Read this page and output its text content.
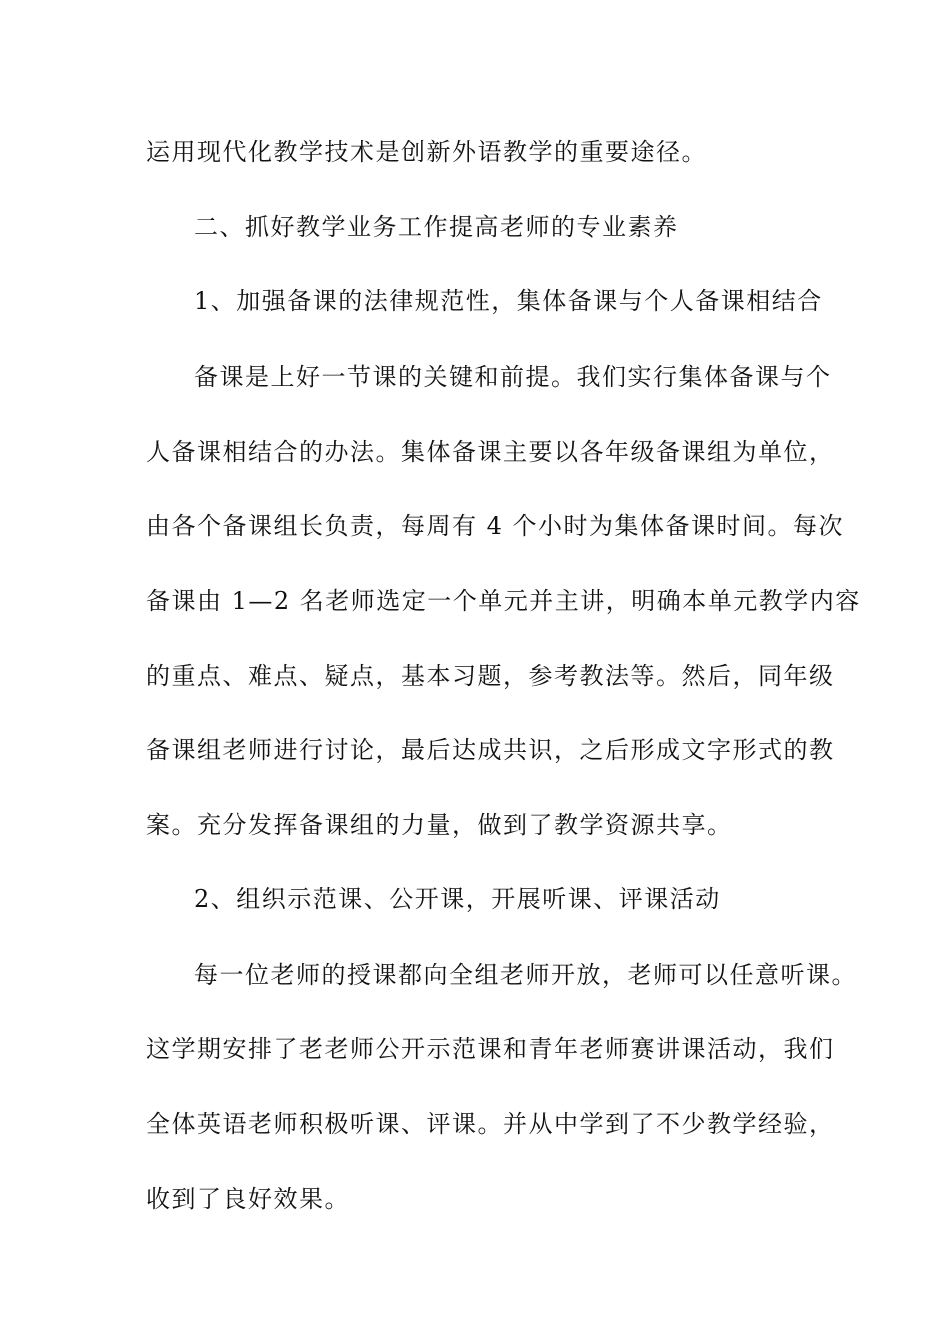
运用现代化教学技术是创新外语教学的重要途径。
二、抓好教学业务工作提高老师的专业素养
1、加强备课的法律规范性，集体备课与个人备课相结合
备课是上好一节课的关键和前提。我们实行集体备课与个
人备课相结合的办法。集体备课主要以各年级备课组为单位，
由各个备课组长负责，每周有 4 个小时为集体备课时间。每次
备课由 1—2 名老师选定一个单元并主讲，明确本单元教学内容
的重点、难点、疑点，基本习题，参考教法等。然后，同年级
备课组老师进行讨论，最后达成共识，之后形成文字形式的教
案。充分发挥备课组的力量，做到了教学资源共享。
2、组织示范课、公开课，开展听课、评课活动
每一位老师的授课都向全组老师开放，老师可以任意听课。
这学期安排了老老师公开示范课和青年老师赛讲课活动，我们
全体英语老师积极听课、评课。并从中学到了不少教学经验，
收到了良好效果。
